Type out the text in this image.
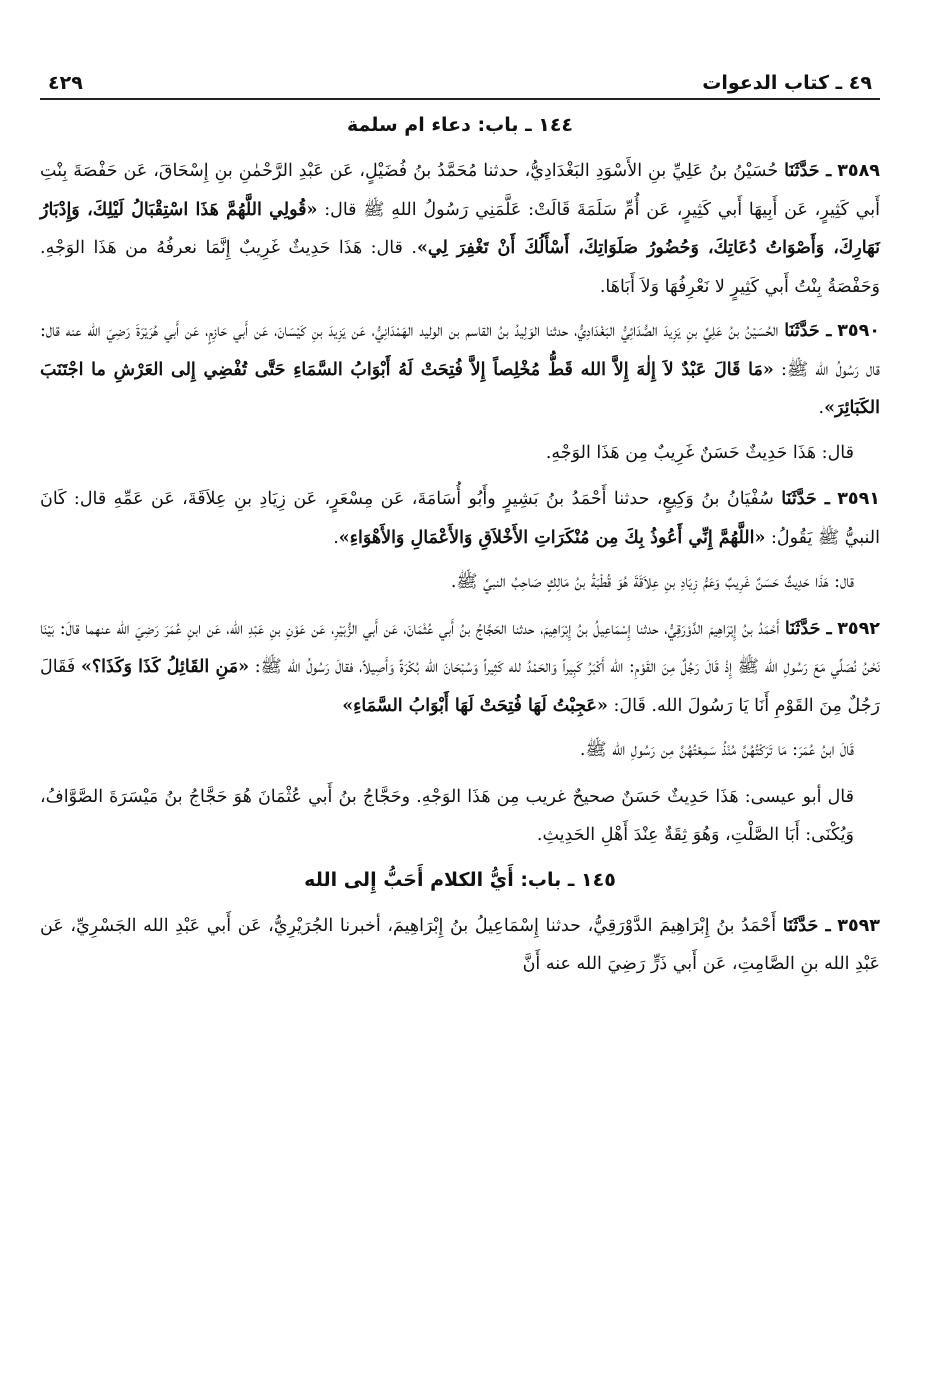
٤٩ ـ كتاب الدعوات
٤٢٩
١٤٤ ـ باب: دعاء ام سلمة

٣٥٨٩ ـ حَدَّثَنَا حُسَيْنُ بنُ عَلِيِّ بنِ الأَسْوَدِ البَغْدَادِيُّ، حدثنا مُحَمَّدُ بنُ فُضَيْلٍ، عَن عَبْدِ الرَّحْمٰنِ بنِ إِسْحَاقَ، عَن حَفْصَةَ بِنْتِ أَبي كَثِيرٍ، عَن أَبِيهَا أَبي كَثِيرٍ، عَن أُمِّ سَلَمَةَ قَالَتْ: عَلَّمَنِي رَسُولُ اللهِ ﷺ قال: «قُولِي اللَّهُمَّ هَذَا اسْتِقْبَالُ لَيْلِكَ، وَإِدْبَارُ نَهَارِكَ، وَأَصْوَاتُ دُعَاتِكَ، وَحُضُورُ صَلَوَاتِكَ، أَسْأَلُكَ أَنْ تَغْفِرَ لِي». قال: هَذَا حَدِيثٌ غَرِيبٌ إِنَّمَا نعرفُهُ من هَذَا الوَجْهِ. وَحَفْصَةُ بِنْتُ أَبي كَثِيرٍ لا نَعْرِفُهَا وَلاَ أَبَاهَا.

٣٥٩٠ ـ حَدَّثَنَا الحُسَيْنُ بنُ عَلِيِّ بنِ يَزِيدَ الصُّدَائِيُّ البَغْدَادِيُّ، حدثنا الوَلِيدُ بنُ القاسم بن الوليد الهَمْدَانِيُّ، عَن يَزِيدَ بنِ كَيْسَانَ، عَن أَبي حَازِمٍ، عَن أَبي هُرَيْرَةَ رَضِيَ الله عنه قال: قال رَسُولُ الله ﷺ: «مَا قَالَ عَبْدٌ لاَ إِلٰهَ إِلاَّ الله قَطُّ مُخْلِصاً إِلاَّ فُتِحَتْ لَهُ أَبْوَابُ السَّمَاءِ حَتَّى تُفْضِي إِلى العَرْشِ ما اجْتَنَبَ الكَبَائِرَ».

قال: هَذَا حَدِيثٌ حَسَنٌ غَرِيبٌ مِن هَذَا الوَجْهِ.

٣٥٩١ ـ حَدَّثَنَا سُفْيَانُ بنُ وَكِيعٍ، حدثنا أَحْمَدُ بنُ بَشِيرٍ وأَبُو أُسَامَةَ، عَن مِسْعَرٍ، عَن زِيَادِ بنِ عِلاَقَةَ، عَن عَمِّهِ قال: كَانَ النبيُّ ﷺ يَقُولُ: «اللَّهُمَّ إِنِّي أَعُوذُ بِكَ مِن مُنْكَرَاتِ الأَخْلاَقِ وَالأَعْمَالِ وَالأَهْوَاءِ».

قال: هَذَا حَدِيثٌ حَسَنٌ غَرِيبٌ وَعَمُّ زِيَادِ بنِ عِلاَقَةَ هُوَ قُطْبَةُ بنُ مَالِكٍ صَاحِبُ النبيِّ ﷺ.

٣٥٩٢ ـ حَدَّثَنَا أَحْمَدُ بنُ إِبْرَاهِيمَ الدَّوْرَقِيُّ، حدثنا إِسْمَاعِيلُ بنُ إِبْرَاهِيمَ، حدثنا الحَجَّاجُ بنُ أَبي عُثْمَانَ، عَن أَبي الزُّبَيْرِ، عَن عَوْنِ بنِ عَبْدِ الله، عَن ابنِ عُمَرَ رَضِيَ الله عنهما قالَ: بَيْنَا نَحْنُ نُصَلِّي مَعَ رَسُولِ الله ﷺ إِذْ قَالَ رَجُلٌ مِنَ القَوْمِ: الله أَكْبَرُ كَبِيراً وَالحَمْدُ لله كَثِيراً وَسُبْحَانَ الله بُكْرَةً وَأَصِيلاً، فقالَ رَسُولُ الله ﷺ: «مَنِ القَائِلُ كَذَا وَكَذَا؟» فَقَالَ رَجُلٌ مِنَ القَوْمِ أَنَا يَا رَسُولَ الله. قَالَ: «عَجِبْتُ لَهَا فُتِحَتْ لَهَا أَبْوَابُ السَّمَاءِ»

قَالَ ابنُ عُمَرَ: مَا تَرَكْتُهُنَّ مُنْذُ سَمِعْتُهُنَّ مِن رَسُولِ الله ﷺ.

قال أبو عيسى: هَذَا حَدِيثٌ حَسَنٌ صحيحٌ غريب مِن هَذَا الوَجْهِ. وحَجَّاجُ بنُ أَبي عُثْمَانَ هُوَ حَجَّاجُ بنُ مَيْسَرَةَ الصَّوَّافُ، وَيُكْنَى: أَبَا الصَّلْتِ، وَهُوَ ثِقَةٌ عِنْدَ أَهْلِ الحَدِيثِ.

١٤٥ ـ باب: أَيُّ الكلام أَحَبُّ إِلى الله

٣٥٩٣ ـ حَدَّثَنَا أَحْمَدُ بنُ إِبْرَاهِيمَ الدَّوْرَقِيُّ، حدثنا إِسْمَاعِيلُ بنُ إِبْرَاهِيمَ، أخبرنا الجُرَيْرِيُّ، عَن أَبي عَبْدِ الله الجَسْرِيِّ، عَن عَبْدِ الله بنِ الصَّامِتِ، عَن أَبي ذَرٍّ رَضِيَ الله عنه أَنَّ
